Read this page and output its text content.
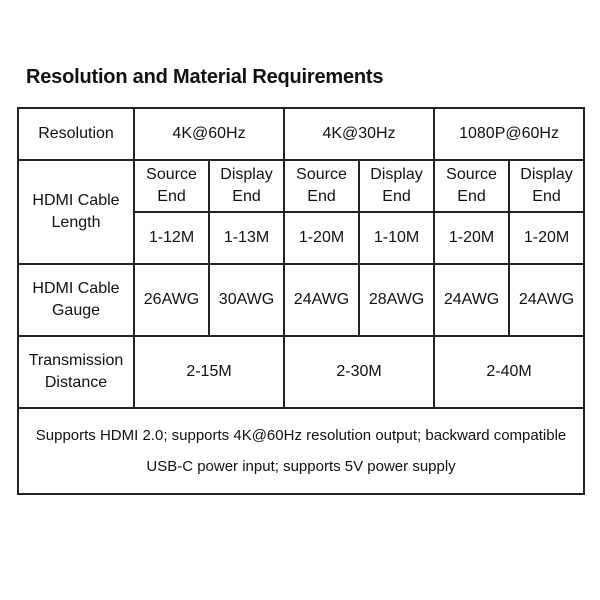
Resolution and Material Requirements
Resolution	4K@60Hz		4K@30Hz		1080P@60Hz	
HDMI Cable Length	Source End	Display End	Source End	Display End	Source End	Display End
	1-12M	1-13M	1-20M	1-10M	1-20M	1-20M
HDMI Cable Gauge	26AWG	30AWG	24AWG	28AWG	24AWG	24AWG
Transmission Distance	2-15M		2-30M		2-40M	

Supports HDMI 2.0; supports 4K@60Hz resolution output; backward compatible
USB-C power input; supports 5V power supply						
